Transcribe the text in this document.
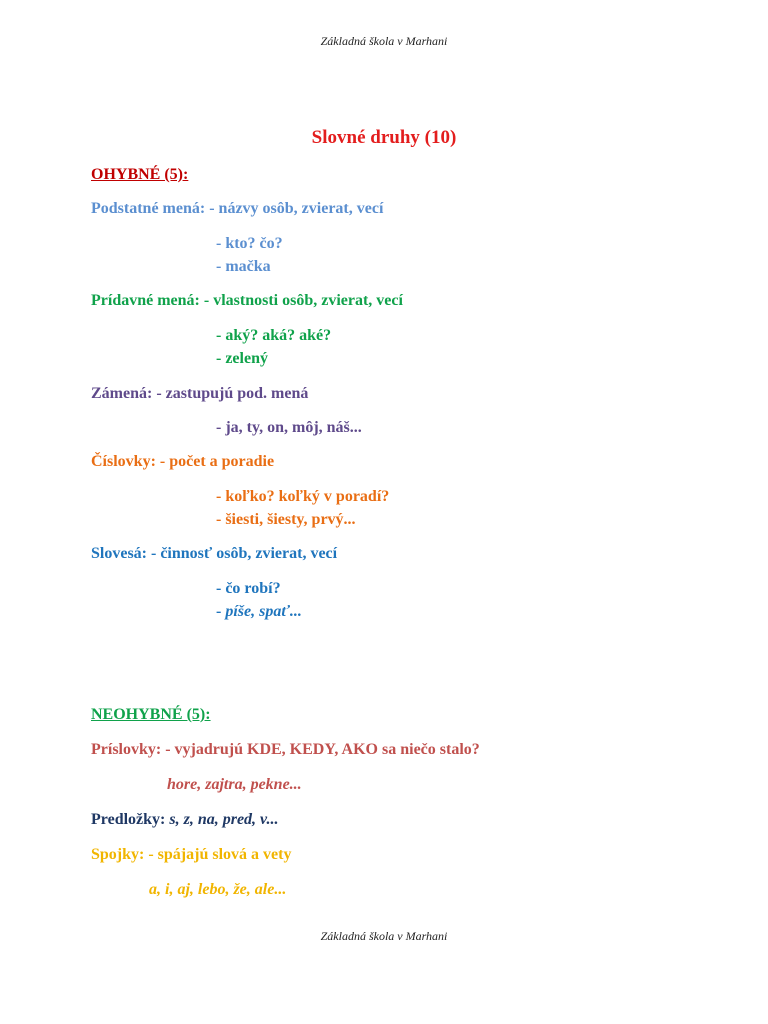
Základná škola v Marhani
Slovné druhy (10)
OHYBNÉ (5):
Podstatné mená: - názvy osôb, zvierat, vecí
- kto? čo?
- mačka
Prídavné mená: - vlastnosti osôb, zvierat, vecí
- aký? aká? aké?
- zelený
Zámená: - zastupujú pod. mená
- ja, ty, on, môj, náš...
Číslovky: - počet a poradie
- koľko? koľký v poradí?
- šiesti, šiesty, prvý...
Slovesá: - činnosť osôb, zvierat, vecí
- čo robí?
- píše, spať...
NEOHYBNÉ (5):
Príslovky: - vyjadrujú KDE, KEDY, AKO sa niečo stalo?
hore, zajtra, pekne...
Predložky: s, z, na, pred, v...
Spojky: - spájajú slová a vety
a, i, aj, lebo, že, ale...
Základná škola v Marhani
